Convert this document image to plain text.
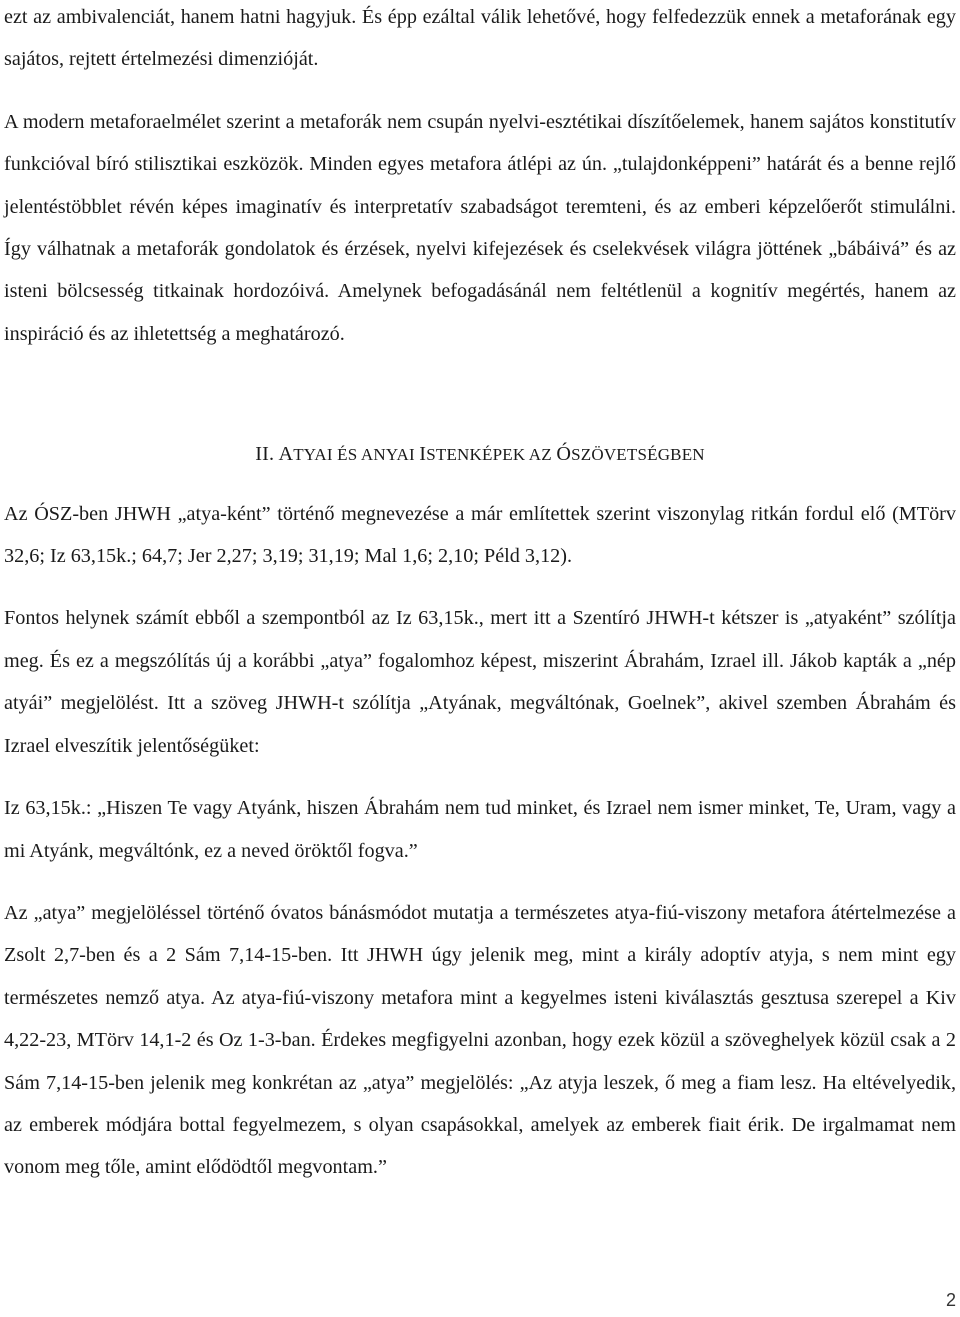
ezt az ambivalenciát, hanem hatni hagyjuk. És épp ezáltal válik lehetővé, hogy felfedezzük ennek a metaforának egy sajátos, rejtett értelmezési dimenzióját.

A modern metaforaelmélet szerint a metaforák nem csupán nyelvi-esztétikai díszítőelemek, hanem sajátos konstitutív funkcióval bíró stilisztikai eszközök. Minden egyes metafora átlépi az ún. „tulajdonképpeni” határát és a benne rejlő jelentéstöbblet révén képes imaginatív és interpretatív szabadságot teremteni, és az emberi képzelőerőt stimulálni. Így válhatnak a metaforák gondolatok és érzések, nyelvi kifejezések és cselekvések világra jöttének „bábáivá” és az isteni bölcsesség titkainak hordozóivá. Amelynek befogadásánál nem feltétlenül a kognitív megértés, hanem az inspiráció és az ihletettség a meghatározó.

II. ATYAI ÉS ANYAI ISTENKÉPEK AZ ÓSZÖVETSÉGBEN

Az ÓSZ-ben JHWH „atya-ként” történő megnevezése a már említettek szerint viszonylag ritkán fordul elő (MTörv 32,6; Iz 63,15k.; 64,7; Jer 2,27; 3,19; 31,19; Mal 1,6; 2,10; Péld 3,12).

Fontos helynek számít ebből a szempontból az Iz 63,15k., mert itt a Szentíró JHWH-t kétszer is „atyaként” szólítja meg. És ez a megszólítás új a korábbi „atya” fogalomhoz képest, miszerint Ábrahám, Izrael ill. Jákob kapták a „nép atyái” megjelölést. Itt a szöveg JHWH-t szólítja „Atyának, megváltónak, Goelnek”, akivel szemben Ábrahám és Izrael elveszítik jelentőségüket:

Iz 63,15k.: „Hiszen Te vagy Atyánk, hiszen Ábrahám nem tud minket, és Izrael nem ismer minket, Te, Uram, vagy a mi Atyánk, megváltónk, ez a neved öröktől fogva.”

Az „atya” megjelöléssel történő óvatos bánásmódot mutatja a természetes atya-fiú-viszony metafora átértelmezése a Zsolt 2,7-ben és a 2 Sám 7,14-15-ben. Itt JHWH úgy jelenik meg, mint a király adoptív atyja, s nem mint egy természetes nemző atya. Az atya-fiú-viszony metafora mint a kegyelmes isteni kiválasztás gesztusa szerepel a Kiv 4,22-23, MTörv 14,1-2 és Oz 1-3-ban. Érdekes megfigyelni azonban, hogy ezek közül a szöveghelyek közül csak a 2 Sám 7,14-15-ben jelenik meg konkrétan az „atya” megjelölés: „Az atyja leszek, ő meg a fiam lesz. Ha eltévelyedik, az emberek módjára bottal fegyelmezem, s olyan csapásokkal, amelyek az emberek fiait érik. De irgalmamat nem vonom meg tőle, amint elődödtől megvontam.”

2
